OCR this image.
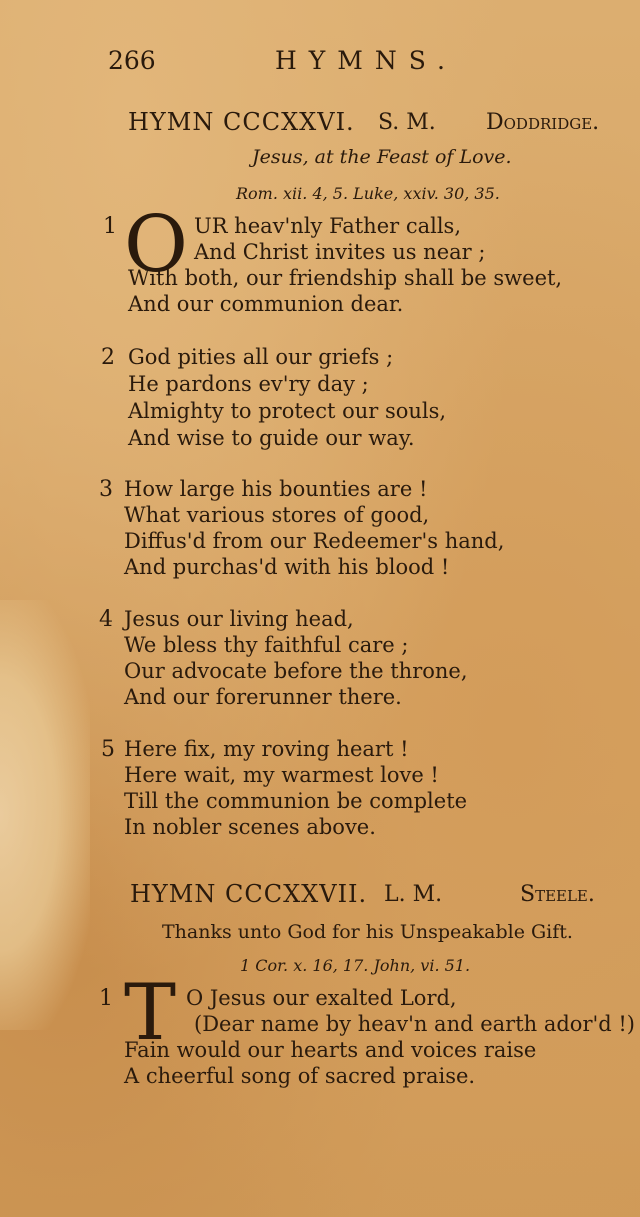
266	HYMNS.
HYMN CCCXXVI. S. M. Doddridge.
Jesus, at the Feast of Love.
Rom. xii. 4, 5. Luke, xxiv. 30, 35.
1 O UR heav'nly Father calls,
And Christ invites us near ;
With both, our friendship shall be sweet,
And our communion dear.
2 God pities all our griefs ;
He pardons ev'ry day ;
Almighty to protect our souls,
And wise to guide our way.
3 How large his bounties are !
What various stores of good,
Diffus'd from our Redeemer's hand,
And purchas'd with his blood !
4 Jesus our living head,
We bless thy faithful care ;
Our advocate before the throne,
And our forerunner there.
5 Here fix, my roving heart !
Here wait, my warmest love !
Till the communion be complete
In nobler scenes above.
HYMN CCCXXVII. L. M.	Steele.
Thanks unto God for his Unspeakable Gift.
1 Cor. x. 16, 17. John, vi. 51.
1 T O Jesus our exalted Lord,
(Dear name by heav'n and earth ador'd !)
Fain would our hearts and voices raise
A cheerful song of sacred praise.
